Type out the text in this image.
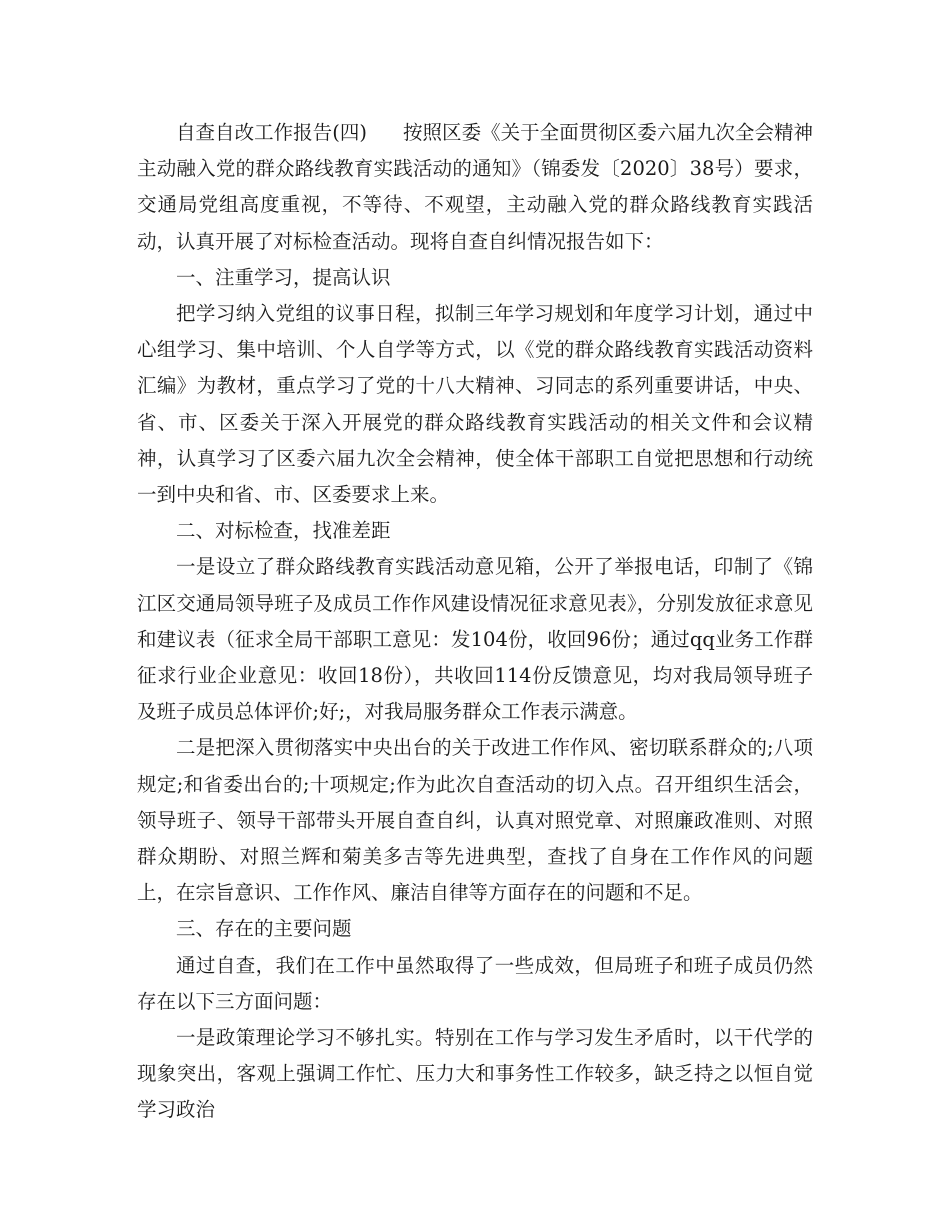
自查自改工作报告(四) 按照区委《关于全面贯彻区委六届九次全会精神主动融入党的群众路线教育实践活动的通知》（锦委发〔2020〕38号）要求，交通局党组高度重视，不等待、不观望，主动融入党的群众路线教育实践活动，认真开展了对标检查活动。现将自查自纠情况报告如下：

一、注重学习，提高认识

把学习纳入党组的议事日程，拟制三年学习规划和年度学习计划，通过中心组学习、集中培训、个人自学等方式，以《党的群众路线教育实践活动资料汇编》为教材，重点学习了党的十八大精神、习同志的系列重要讲话，中央、省、市、区委关于深入开展党的群众路线教育实践活动的相关文件和会议精神，认真学习了区委六届九次全会精神，使全体干部职工自觉把思想和行动统一到中央和省、市、区委要求上来。

二、对标检查，找准差距

一是设立了群众路线教育实践活动意见箱，公开了举报电话，印制了《锦江区交通局领导班子及成员工作作风建设情况征求意见表》，分别发放征求意见和建议表（征求全局干部职工意见：发104份，收回96份；通过qq业务工作群征求行业企业意见：收回18份），共收回114份反馈意见，均对我局领导班子及班子成员总体评价;好;，对我局服务群众工作表示满意。

二是把深入贯彻落实中央出台的关于改进工作作风、密切联系群众的;八项规定;和省委出台的;十项规定;作为此次自查活动的切入点。召开组织生活会，领导班子、领导干部带头开展自查自纠，认真对照党章、对照廉政准则、对照群众期盼、对照兰辉和菊美多吉等先进典型，查找了自身在工作作风的问题上，在宗旨意识、工作作风、廉洁自律等方面存在的问题和不足。

三、存在的主要问题

通过自查，我们在工作中虽然取得了一些成效，但局班子和班子成员仍然存在以下三方面问题：

一是政策理论学习不够扎实。特别在工作与学习发生矛盾时，以干代学的现象突出，客观上强调工作忙、压力大和事务性工作较多，缺乏持之以恒自觉学习政治
